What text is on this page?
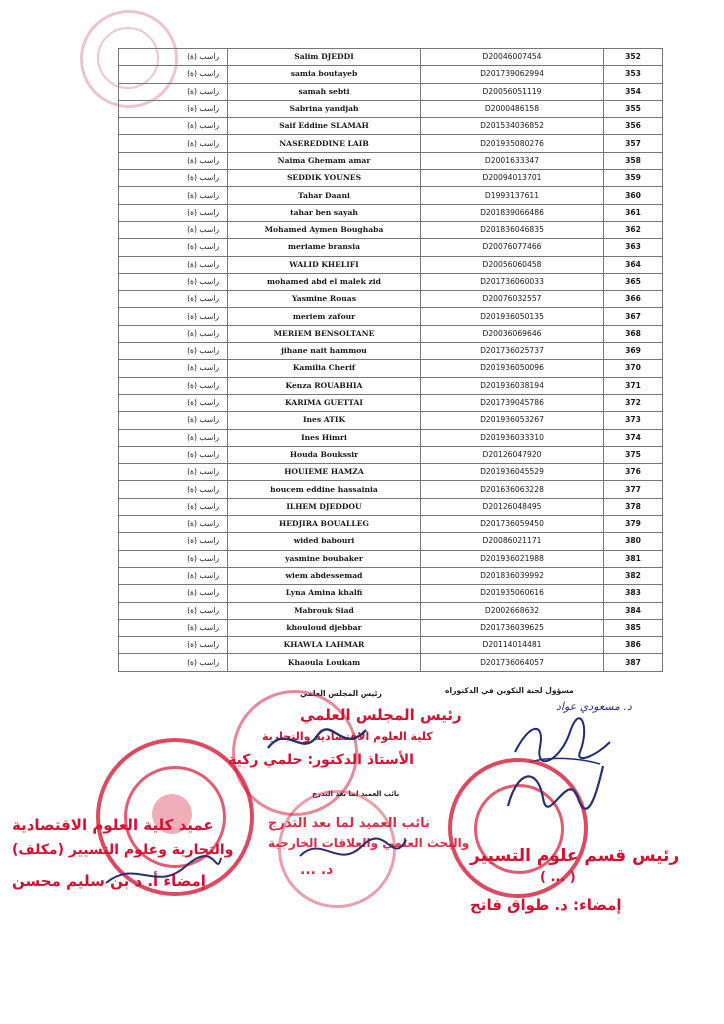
راسب (ة)	Salim DJEDDI	D20046007454	352
راسب (ة)	samia boutayeb	D201739062994	353
راسب (ة)	samah sebti	D20056051119	354
راسب (ة)	Sabrina yandjah	D2000486158	355
راسب (ة)	Saif Eddine SLAMAH	D201534036852	356
راسب (ة)	NASEREDDINE LAIB	D201935080276	357
راسب (ة)	Naima Ghemam amar	D2001633347	358
راسب (ة)	SEDDIK YOUNES	D20094013701	359
راسب (ة)	Tahar Daani	D1993137611	360
راسب (ة)	tahar ben sayah	D201839066486	361
راسب (ة)	Mohamed Aymen Boughaba	D201836046835	362
راسب (ة)	meriame bransia	D20076077466	363
راسب (ة)	WALID KHELIFI	D20056060458	364
راسب (ة)	mohamed abd el malek zid	D201736060033	365
راسب (ة)	Yasmine Rouas	D20076032557	366
راسب (ة)	meriem zafour	D201936050135	367
راسب (ة)	MERIEM BENSOLTANE	D20036069646	368
راسب (ة)	jihane nait hammou	D201736025737	369
راسب (ة)	Kamilia Cherif	D201936050096	370
راسب (ة)	Kenza ROUABHIA	D201936038194	371
راسب (ة)	KARIMA GUETTAI	D201739045786	372
راسب (ة)	Ines ATIK	D201936053267	373
راسب (ة)	Ines Himri	D201936033310	374
راسب (ة)	Houda Boukssir	D20126047920	375
راسب (ة)	HOUIEME HAMZA	D201936045529	376
راسب (ة)	houcem eddine hassainia	D201636063228	377
راسب (ة)	ILHEM DJEDDOU	D20126048495	378
راسب (ة)	HEDJIRA BOUALLEG	D201736059450	379
راسب (ة)	wided babouri	D20086021171	380
راسب (ة)	yasmine boubaker	D201936021988	381
راسب (ة)	wiem abdessemad	D201836039992	382
راسب (ة)	Lyna Amina khalfi	D201935060616	383
راسب (ة)	Mabrouk Siad	D2002668632	384
راسب (ة)	khouloud djebbar	D201736039625	385
راسب (ة)	KHAWLA LAHMAR	D20114014481	386
راسب (ة)	Khaoula Loukam	D201736064057	387
رئيس المجلس العلمي	مسؤول لجنة التكوين في الدكتوراه
د. مسعودي عواد
رئيس المجلس العلمي
كلية العلوم الاقتصادية والتجارية
الأستاذ الدكتور: حلمي ركية
نائب العميد لما بعد التدرج
عميد كلية العلوم الاقتصادية
والتجارية وعلوم التسيير (مكلف)
إمضاء أ. د بن سليم محسن
نائب العميد لما بعد التدرج
والبحث العلمي والعلاقات الخارجية
د. ...
رئيس قسم علوم التسيير
( ... )
إمضاء: د. طواق فاتح
